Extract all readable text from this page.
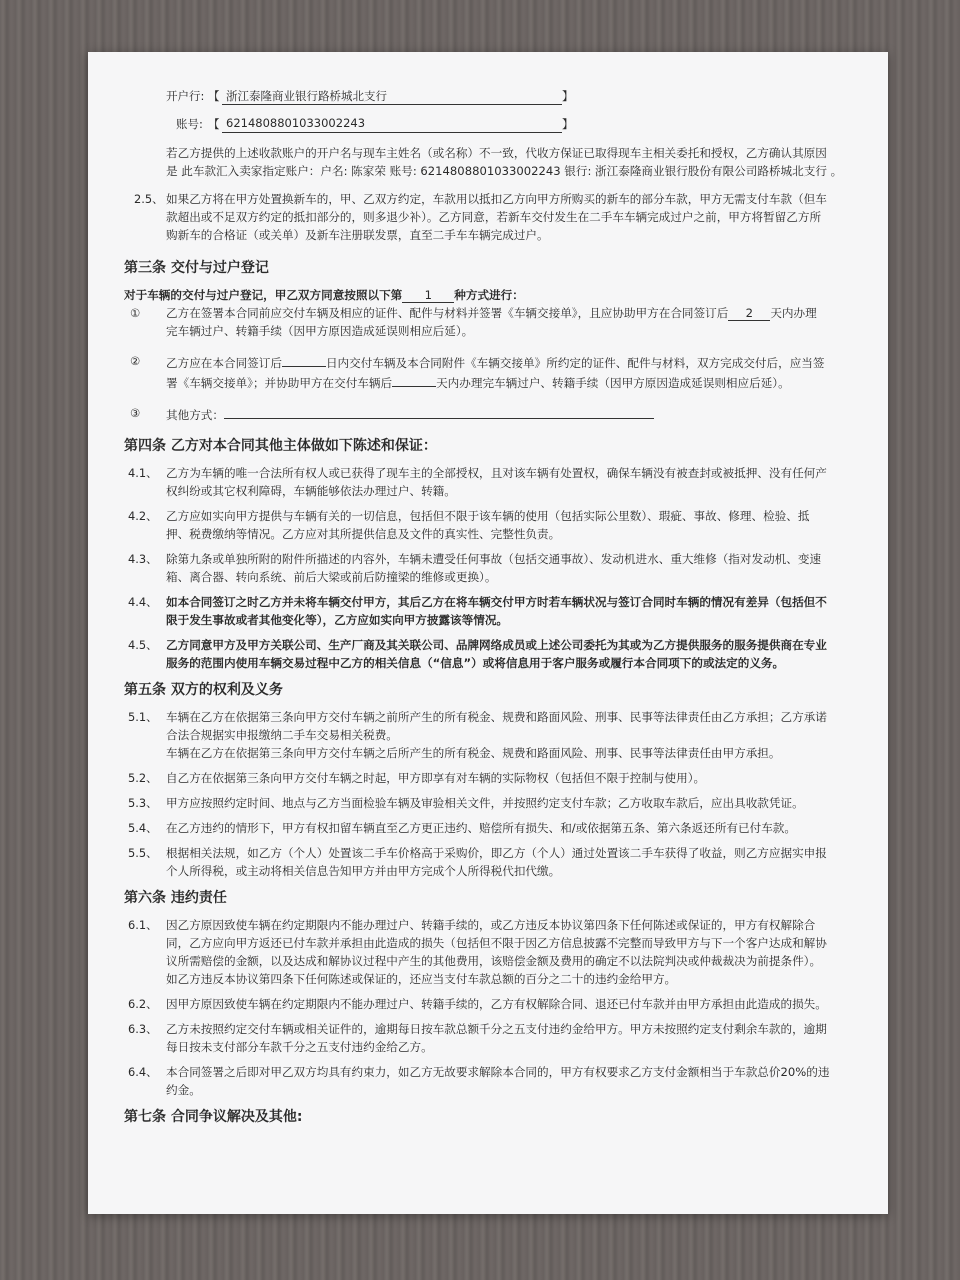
开户行: 【 浙江泰隆商业银行路桥城北支行	】
账号: 【 6214808801033002243	】
若乙方提供的上述收款账户的开户名与现车主姓名（或名称）不一致，代收方保证已取得现车主相关委托和授权，乙方确认其原因
是 此车款汇入卖家指定账户：户名: 陈家荣 账号: 6214808801033002243 银行: 浙江泰隆商业银行股份有限公司路桥城北支行 。
2.5、 如果乙方将在甲方处置换新车的，甲、乙双方约定，车款用以抵扣乙方向甲方所购买的新车的部分车款，甲方无需支付车款（但车
款超出或不足双方约定的抵扣部分的，则多退少补）。乙方同意，若新车交付发生在二手车车辆完成过户之前，甲方将暂留乙方所
购新车的合格证（或关单）及新车注册联发票，直至二手车车辆完成过户。
第三条 交付与过户登记
对于车辆的交付与过户登记，甲乙双方同意按照以下第 1 种方式进行：
① 乙方在签署本合同前应交付车辆及相应的证件、配件与材料并签署《车辆交接单》，且应协助甲方在合同签订后 2 天内办理
完车辆过户、转籍手续（因甲方原因造成延误则相应后延）。
② 乙方应在本合同签订后	日内交付车辆及本合同附件《车辆交接单》所约定的证件、配件与材料，双方完成交付后，应当签
署《车辆交接单》；并协助甲方在交付车辆后	天内办理完车辆过户、转籍手续（因甲方原因造成延误则相应后延）。
③ 其他方式：
第四条 乙方对本合同其他主体做如下陈述和保证：
4.1、 乙方为车辆的唯一合法所有权人或已获得了现车主的全部授权，且对该车辆有处置权，确保车辆没有被查封或被抵押、没有任何产
权纠纷或其它权利障碍，车辆能够依法办理过户、转籍。
4.2、 乙方应如实向甲方提供与车辆有关的一切信息，包括但不限于该车辆的使用（包括实际公里数）、瑕疵、事故、修理、检验、抵
押、税费缴纳等情况。乙方应对其所提供信息及文件的真实性、完整性负责。
4.3、 除第九条或单独所附的附件所描述的内容外，车辆未遭受任何事故（包括交通事故）、发动机进水、重大维修（指对发动机、变速
箱、离合器、转向系统、前后大梁或前后防撞梁的维修或更换）。
4.4、 如本合同签订之时乙方并未将车辆交付甲方，其后乙方在将车辆交付甲方时若车辆状况与签订合同时车辆的情况有差异（包括但不
限于发生事故或者其他变化等），乙方应如实向甲方披露该等情况。
4.5、 乙方同意甲方及甲方关联公司、生产厂商及其关联公司、品牌网络成员或上述公司委托为其或为乙方提供服务的服务提供商在专业
服务的范围内使用车辆交易过程中乙方的相关信息（“信息”）或将信息用于客户服务或履行本合同项下的或法定的义务。
第五条 双方的权利及义务
5.1、 车辆在乙方在依据第三条向甲方交付车辆之前所产生的所有税金、规费和路面风险、刑事、民事等法律责任由乙方承担；乙方承诺
合法合规据实申报缴纳二手车交易相关税费。
车辆在乙方在依据第三条向甲方交付车辆之后所产生的所有税金、规费和路面风险、刑事、民事等法律责任由甲方承担。
5.2、 自乙方在依据第三条向甲方交付车辆之时起，甲方即享有对车辆的实际物权（包括但不限于控制与使用）。
5.3、 甲方应按照约定时间、地点与乙方当面检验车辆及审验相关文件，并按照约定支付车款；乙方收取车款后，应出具收款凭证。
5.4、 在乙方违约的情形下，甲方有权扣留车辆直至乙方更正违约、赔偿所有损失、和/或依据第五条、第六条返还所有已付车款。
5.5、 根据相关法规，如乙方（个人）处置该二手车价格高于采购价，即乙方（个人）通过处置该二手车获得了收益，则乙方应据实申报
个人所得税，或主动将相关信息告知甲方并由甲方完成个人所得税代扣代缴。
第六条 违约责任
6.1、 因乙方原因致使车辆在约定期限内不能办理过户、转籍手续的，或乙方违反本协议第四条下任何陈述或保证的，甲方有权解除合
同，乙方应向甲方返还已付车款并承担由此造成的损失（包括但不限于因乙方信息披露不完整而导致甲方与下一个客户达成和解协
议所需赔偿的金额，以及达成和解协议过程中产生的其他费用，该赔偿金额及费用的确定不以法院判决或仲裁裁决为前提条件）。
如乙方违反本协议第四条下任何陈述或保证的，还应当支付车款总额的百分之二十的违约金给甲方。
6.2、 因甲方原因致使车辆在约定期限内不能办理过户、转籍手续的，乙方有权解除合同、退还已付车款并由甲方承担由此造成的损失。
6.3、 乙方未按照约定交付车辆或相关证件的，逾期每日按车款总额千分之五支付违约金给甲方。甲方未按照约定支付剩余车款的，逾期
每日按未支付部分车款千分之五支付违约金给乙方。
6.4、 本合同签署之后即对甲乙双方均具有约束力，如乙方无故要求解除本合同的，甲方有权要求乙方支付金额相当于车款总价20%的违
约金。
第七条 合同争议解决及其他:
